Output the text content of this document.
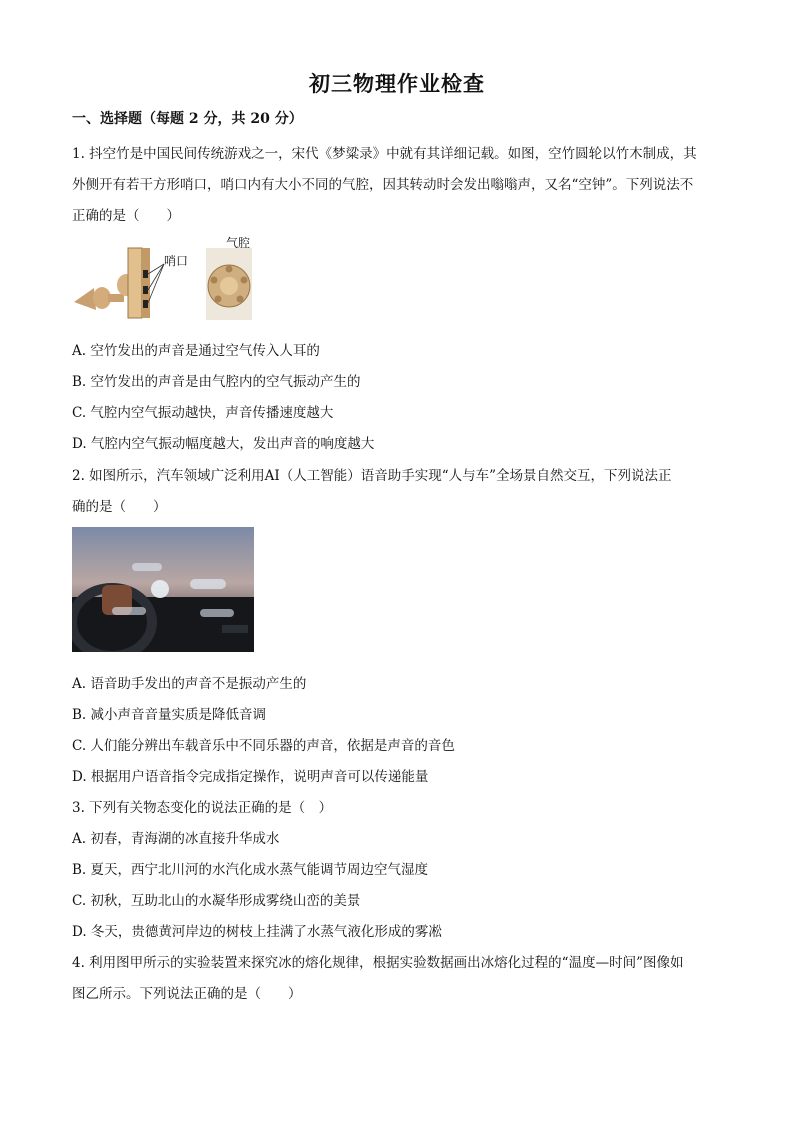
初三物理作业检查
一、选择题（每题 2 分，共 20 分）
1. 抖空竹是中国民间传统游戏之一，宋代《梦粱录》中就有其详细记载。如图，空竹圆轮以竹木制成，其
外侧开有若干方形哨口，哨口内有大小不同的气腔，因其转动时会发出嗡嗡声，又名“空钟”。下列说法不
正确的是（　　）
哨口
气腔
A. 空竹发出的声音是通过空气传入人耳的
B. 空竹发出的声音是由气腔内的空气振动产生的
C. 气腔内空气振动越快，声音传播速度越大
D. 气腔内空气振动幅度越大，发出声音的响度越大
2. 如图所示，汽车领域广泛利用AI（人工智能）语音助手实现“人与车”全场景自然交互，下列说法正
确的是（　　）
A. 语音助手发出的声音不是振动产生的
B. 减小声音音量实质是降低音调
C. 人们能分辨出车载音乐中不同乐器的声音，依据是声音的音色
D. 根据用户语音指令完成指定操作，说明声音可以传递能量
3. 下列有关物态变化的说法正确的是（　）
A. 初春，青海湖的冰直接升华成水
B. 夏天，西宁北川河的水汽化成水蒸气能调节周边空气湿度
C. 初秋，互助北山的水凝华形成雾绕山峦的美景
D. 冬天，贵德黄河岸边的树枝上挂满了水蒸气液化形成的雾凇
4. 利用图甲所示的实验装置来探究冰的熔化规律，根据实验数据画出冰熔化过程的“温度—时间”图像如
图乙所示。下列说法正确的是（　　）
